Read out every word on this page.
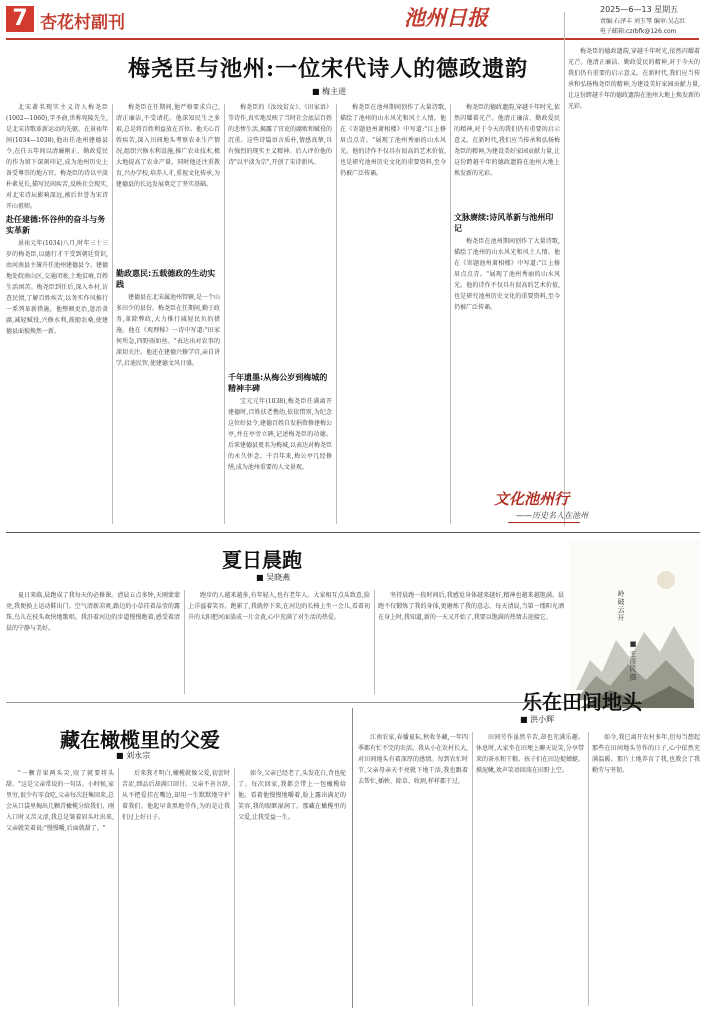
7 杏花村副刊	池州日报	2025—6—13 星期五
责编:石泽丰 刘玉琴 编审:吴志红
电子邮箱:czrbfk@126.com
梅尧臣与池州:一位宋代诗人的德政遗韵
■ 梅主进

北宋著名现实主义诗人梅尧臣(1002—1060),字圣俞,世称宛陵先生,是北宋诗歌革新运动的先驱。在景祐年间(1034—1038),他出任池州建德县令,在任五年间以清廉刚正、勤政爱民的作为留下深刻印记,成为池州历史上备受尊崇的地方官。梅尧臣的诗以平淡朴素见长,描写民间疾苦,反映社会现实,对北宋诗坛影响深远,被后世誉为宋诗开山祖师。

赴任建德:怀谷仲的奋斗与务实革新

景祐元年(1034)八月,时年三十三岁的梅尧臣,以德行才干受到朝廷赏识,由河南县主簿升任池州建德县令。建德地处皖南山区,交通闭塞,土地贫瘠,百姓生活困苦。梅尧臣到任后,深入乡村,访查民情,了解百姓疾苦,以务实作风推行一系列革新措施。他整顿吏治,惩治贪腐,减轻赋役,兴修水利,鼓励农桑,使建德县面貌焕然一新。

梅尧臣在任期间,他严格要求自己,清正廉洁,不受请托。他深知民生之多艰,总是将百姓利益放在首位。他关心百姓疾苦,深入田间地头考察农业生产情况,组织兴修水利设施,推广农业技术,极大地提高了农业产量。同时他还注重教育,兴办学校,培养人才,重视文化传承,为建德县的长远发展奠定了坚实基础。

勤政惠民:五载德政的生动实践

建德县在北宋属池州管辖,是一个山多田少的县份。梅尧臣在任期间,勤于政务,革除弊政,大力推行减轻民负的措施。他在《观理稼》一诗中写道:"田家何所急,四野雨如丝。"表达出对农事的深切关注。他还在建德兴修学宫,亲自讲学,启迪民智,使建德文风日盛。

梅尧臣的《汝坟贫女》、《田家语》等诗作,真实地反映了当时社会底层百姓的悲惨生活,揭露了官吏的腐败和赋役的沉重。这些诗篇语言质朴,情感真挚,具有强烈的现实主义精神。后人评价他的诗"以平淡为宗",开创了宋诗新风。

千年遗墨:从梅公岁到梅城的精神丰碑

宝元元年(1038),梅尧臣任满离开建德时,百姓扶老携幼,依依惜别,为纪念这位好县令,建德百姓自发捐资修建梅公亭,并在亭旁立碑,记述梅尧臣的功德。后来建德县更名为梅城,以表达对梅尧臣的永久怀念。千百年来,梅公亭几经修缮,成为池州重要的人文景观。

梅尧臣在池州期间创作了大量诗歌,描绘了池州的山水风光和风土人情。他在《寄题池州萧相楼》中写道:"江上修眉点点青。"展现了池州秀丽的山水风光。他的诗作不仅具有很高的艺术价值,也是研究池州历史文化的重要资料,至今仍被广泛传诵。

梅尧臣的德政遗韵,穿越千年时光,依然闪耀着光芒。他清正廉洁、勤政爱民的精神,对于今天的我们仍有重要的启示意义。在新时代,我们应当传承和弘扬梅尧臣的精神,为建设美好家园贡献力量,让这份跨越千年的德政遗韵在池州大地上焕发新的光彩。

文脉赓续:诗风革新与池州印记

梅尧臣在池州期间创作了大量诗歌,描绘了池州的山水风光和风土人情。他在《寄题池州萧相楼》中写道:"江上修眉点点青。"展现了池州秀丽的山水风光。他的诗作不仅具有很高的艺术价值,也是研究池州历史文化的重要资料,至今仍被广泛传诵。

梅尧臣的德政遗韵,穿越千年时光,依然闪耀着光芒。他清正廉洁、勤政爱民的精神,对于今天的我们仍有重要的启示意义。在新时代,我们应当传承和弘扬梅尧臣的精神,为建设美好家园贡献力量,让这份跨越千年的德政遗韵在池州大地上焕发新的光彩。

文化池州行
——历史名人在池州
夏日晨跑
■ 吴晓燕

夏日来临,晨跑成了我每天的必修课。清晨五点多钟,天刚蒙蒙亮,我便换上运动鞋出门。空气清新凉爽,路边的小草挂着晶莹的露珠,鸟儿在枝头欢快地歌唱。我沿着河边的步道慢慢跑着,感受着清晨的宁静与美好。

跑步的人越来越多,有年轻人,也有老年人。大家相互点头致意,脸上洋溢着笑容。跑累了,我就停下来,在河边的长椅上坐一会儿,看着初升的太阳把河面染成一片金黄,心中充满了对生活的热爱。

坚持晨跑一段时间后,我感觉身体越来越好,精神也越来越饱满。晨跑不仅锻炼了我的身体,更磨炼了我的意志。每天清晨,当第一缕阳光洒在身上时,我知道,新的一天又开始了,我要以饱满的热情去迎接它。	岭破云开
■ 王彦民 摄
藏在橄榄里的父爱
■ 刘永宗

"一颗青果两头尖,咬了就要将头甜。"这是父亲常说的一句话。小时候,家里穷,很少有零食吃,父亲每次赶集回来,总会从口袋里掏出几颗青橄榄分给我们。刚入口时又苦又涩,我总是皱着眉头吐出来,父亲就笑着说:"慢慢嚼,后面就甜了。"

后来我才明白,橄榄就像父爱,初尝时苦涩,细品后却满口回甘。父亲不善言辞,从不把爱挂在嘴边,却用一生默默地守护着我们。他起早贪黑地劳作,为的是让我们过上好日子。

如今,父亲已经老了,头发花白,背也驼了。每次回家,我都会带上一包橄榄给他。看着他慢慢地嚼着,脸上露出满足的笑容,我的眼眶湿润了。那藏在橄榄里的父爱,让我受益一生。

乐在田间地头
■ 洪小辉

江南农家,春播夏耘,秋收冬藏,一年四季都有忙不完的农活。我从小在农村长大,对田间地头有着深厚的感情。每到农忙时节,父亲母亲天不亮就下地干活,我也跟着去帮忙,插秧、除草、收割,样样都干过。

田间劳作虽然辛苦,却也充满乐趣。休息时,大家坐在田埂上聊天说笑,分享带来的茶水和干粮。孩子们在田边捉蜻蜓、摸泥鳅,欢声笑语回荡在田野上空。

如今,我已离开农村多年,但每当想起那些在田间地头劳作的日子,心中依然充满温暖。那片土地养育了我,也教会了我勤劳与坚韧。
